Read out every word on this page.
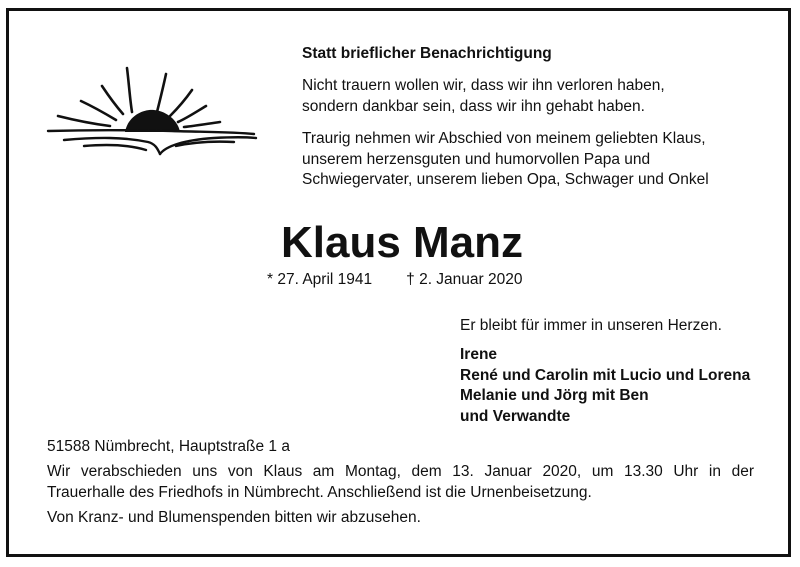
Statt brieflicher Benachrichtigung

Nicht trauern wollen wir, dass wir ihn verloren haben,
sondern dankbar sein, dass wir ihn gehabt haben.
Traurig nehmen wir Abschied von meinem geliebten Klaus,
unserem herzensguten und humorvollen Papa und
Schwiegervater, unserem lieben Opa, Schwager und Onkel
Klaus Manz
* 27. April 1941 † 2. Januar 2020
Er bleibt für immer in unseren Herzen.
Irene
René und Carolin mit Lucio und Lorena
Melanie und Jörg mit Ben
und Verwandte
51588 Nümbrecht, Hauptstraße 1 a
Wir verabschieden uns von Klaus am Montag, dem 13. Januar 2020, um 13.30 Uhr in der
Trauerhalle des Friedhofs in Nümbrecht. Anschließend ist die Urnenbeisetzung.
Von Kranz- und Blumenspenden bitten wir abzusehen.
